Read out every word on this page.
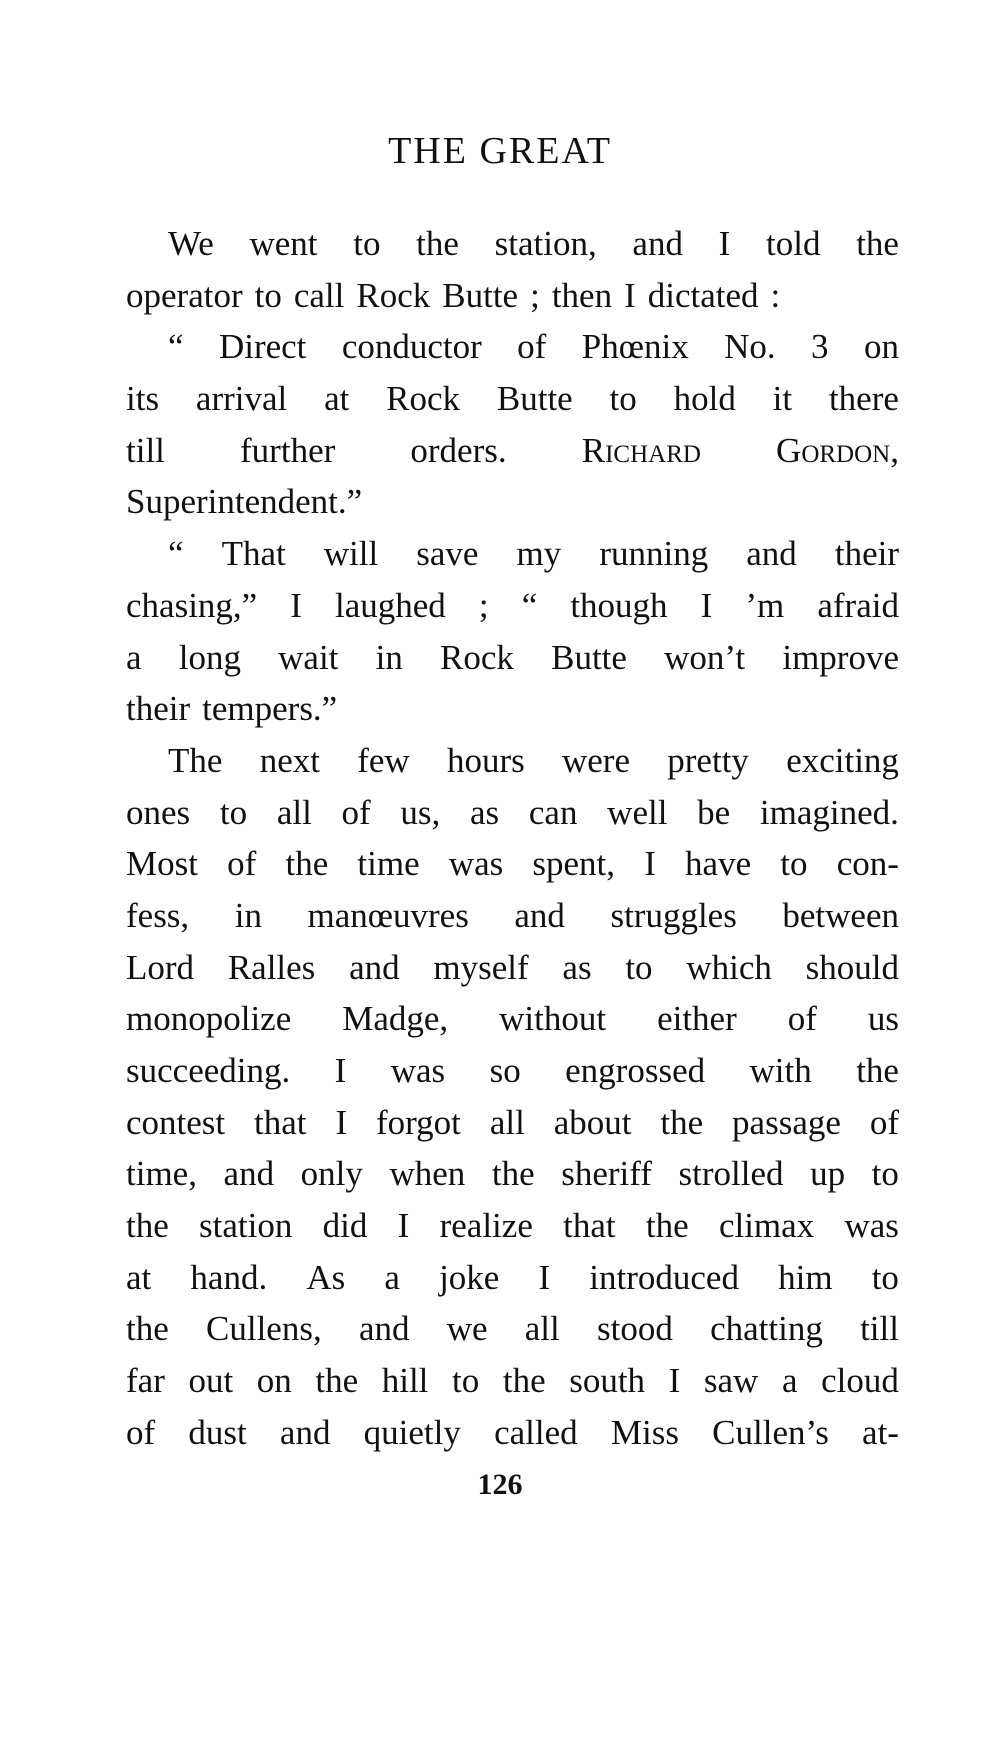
THE GREAT
We went to the station, and I told the
operator to call Rock Butte ; then I dictated :
“ Direct conductor of Phœnix No. 3 on
its arrival at Rock Butte to hold it there
till further orders. Richard Gordon,
Superintendent.”
“ That will save my running and their
chasing,” I laughed ; “ though I ’m afraid
a long wait in Rock Butte won’t improve
their tempers.”
The next few hours were pretty exciting
ones to all of us, as can well be imagined.
Most of the time was spent, I have to con-
fess, in manœuvres and struggles between
Lord Ralles and myself as to which should
monopolize Madge, without either of us
succeeding. I was so engrossed with the
contest that I forgot all about the passage of
time, and only when the sheriff strolled up to
the station did I realize that the climax was
at hand. As a joke I introduced him to
the Cullens, and we all stood chatting till
far out on the hill to the south I saw a cloud
of dust and quietly called Miss Cullen’s at-
126
